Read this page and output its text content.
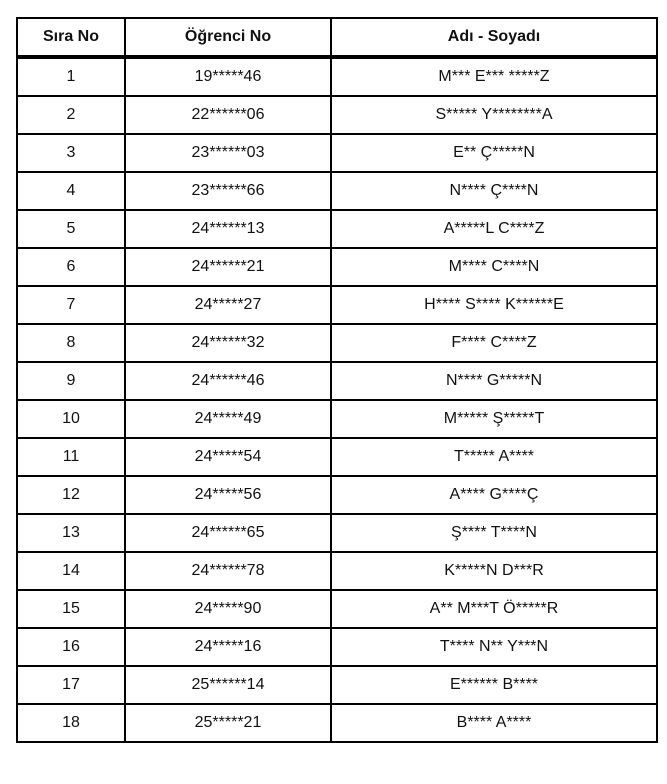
Sıra No	Öğrenci No	Adı - Soyadı
1	19*****46	M*** E*** *****Z
2	22******06	S***** Y********A
3	23******03	E** Ç*****N
4	23******66	N**** Ç****N
5	24******13	A*****L C****Z
6	24******21	M**** C****N
7	24*****27	H**** S**** K******E
8	24******32	F**** C****Z
9	24******46	N**** G*****N
10	24*****49	M***** Ş*****T
11	24*****54	T***** A****
12	24*****56	A**** G****Ç
13	24******65	Ş**** T****N
14	24******78	K*****N D***R
15	24*****90	A** M***T Ö*****R
16	24*****16	T**** N** Y***N
17	25******14	E****** B****
18	25*****21	B**** A****
